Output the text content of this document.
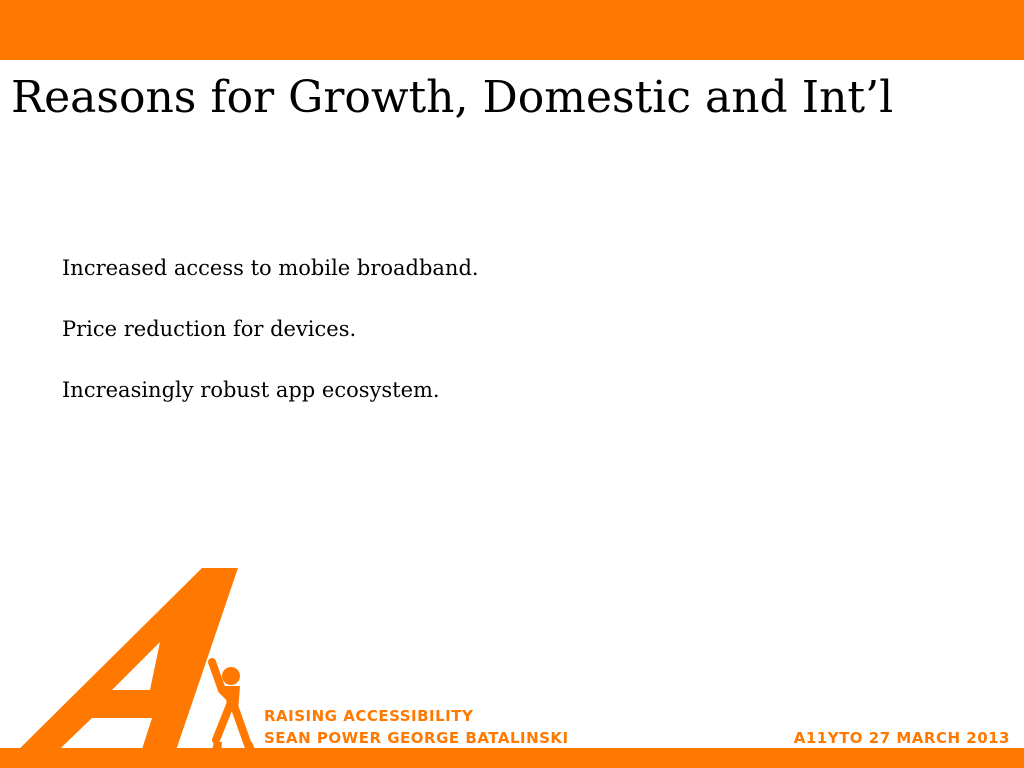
Reasons for Growth, Domestic and Int’l
Increased access to mobile broadband.
Price reduction for devices.
Increasingly robust app ecosystem.
RAISING ACCESSIBILITY
SEAN POWER GEORGE BATALINSKI	A11YTO 27 MARCH 2013
